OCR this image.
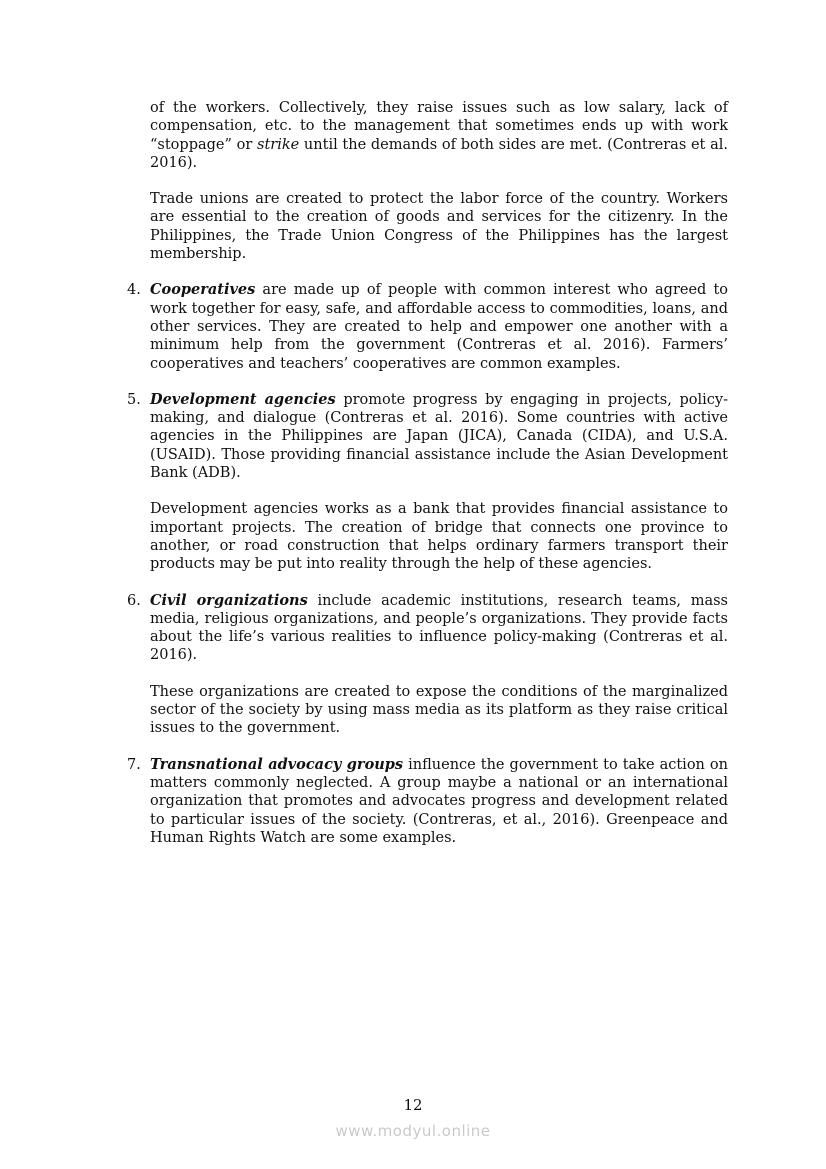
of the workers. Collectively, they raise issues such as low salary, lack of compensation, etc. to the management that sometimes ends up with work “stoppage” or strike until the demands of both sides are met. (Contreras et al. 2016).

Trade unions are created to protect the labor force of the country. Workers are essential to the creation of goods and services for the citizenry. In the Philippines, the Trade Union Congress of the Philippines has the largest membership.

4. Cooperatives are made up of people with common interest who agreed to work together for easy, safe, and affordable access to commodities, loans, and other services. They are created to help and empower one another with a minimum help from the government (Contreras et al. 2016). Farmers’ cooperatives and teachers’ cooperatives are common examples.
5. Development agencies promote progress by engaging in projects, policy-making, and dialogue (Contreras et al. 2016). Some countries with active agencies in the Philippines are Japan (JICA), Canada (CIDA), and U.S.A. (USAID). Those providing financial assistance include the Asian Development Bank (ADB).

Development agencies works as a bank that provides financial assistance to important projects. The creation of bridge that connects one province to another, or road construction that helps ordinary farmers transport their products may be put into reality through the help of these agencies.

6. Civil organizations include academic institutions, research teams, mass media, religious organizations, and people’s organizations. They provide facts about the life’s various realities to influence policy-making (Contreras et al. 2016).

These organizations are created to expose the conditions of the marginalized sector of the society by using mass media as its platform as they raise critical issues to the government.

7. Transnational advocacy groups influence the government to take action on matters commonly neglected. A group maybe a national or an international organization that promotes and advocates progress and development related to particular issues of the society. (Contreras, et al., 2016). Greenpeace and Human Rights Watch are some examples.
12
www.modyul.online
